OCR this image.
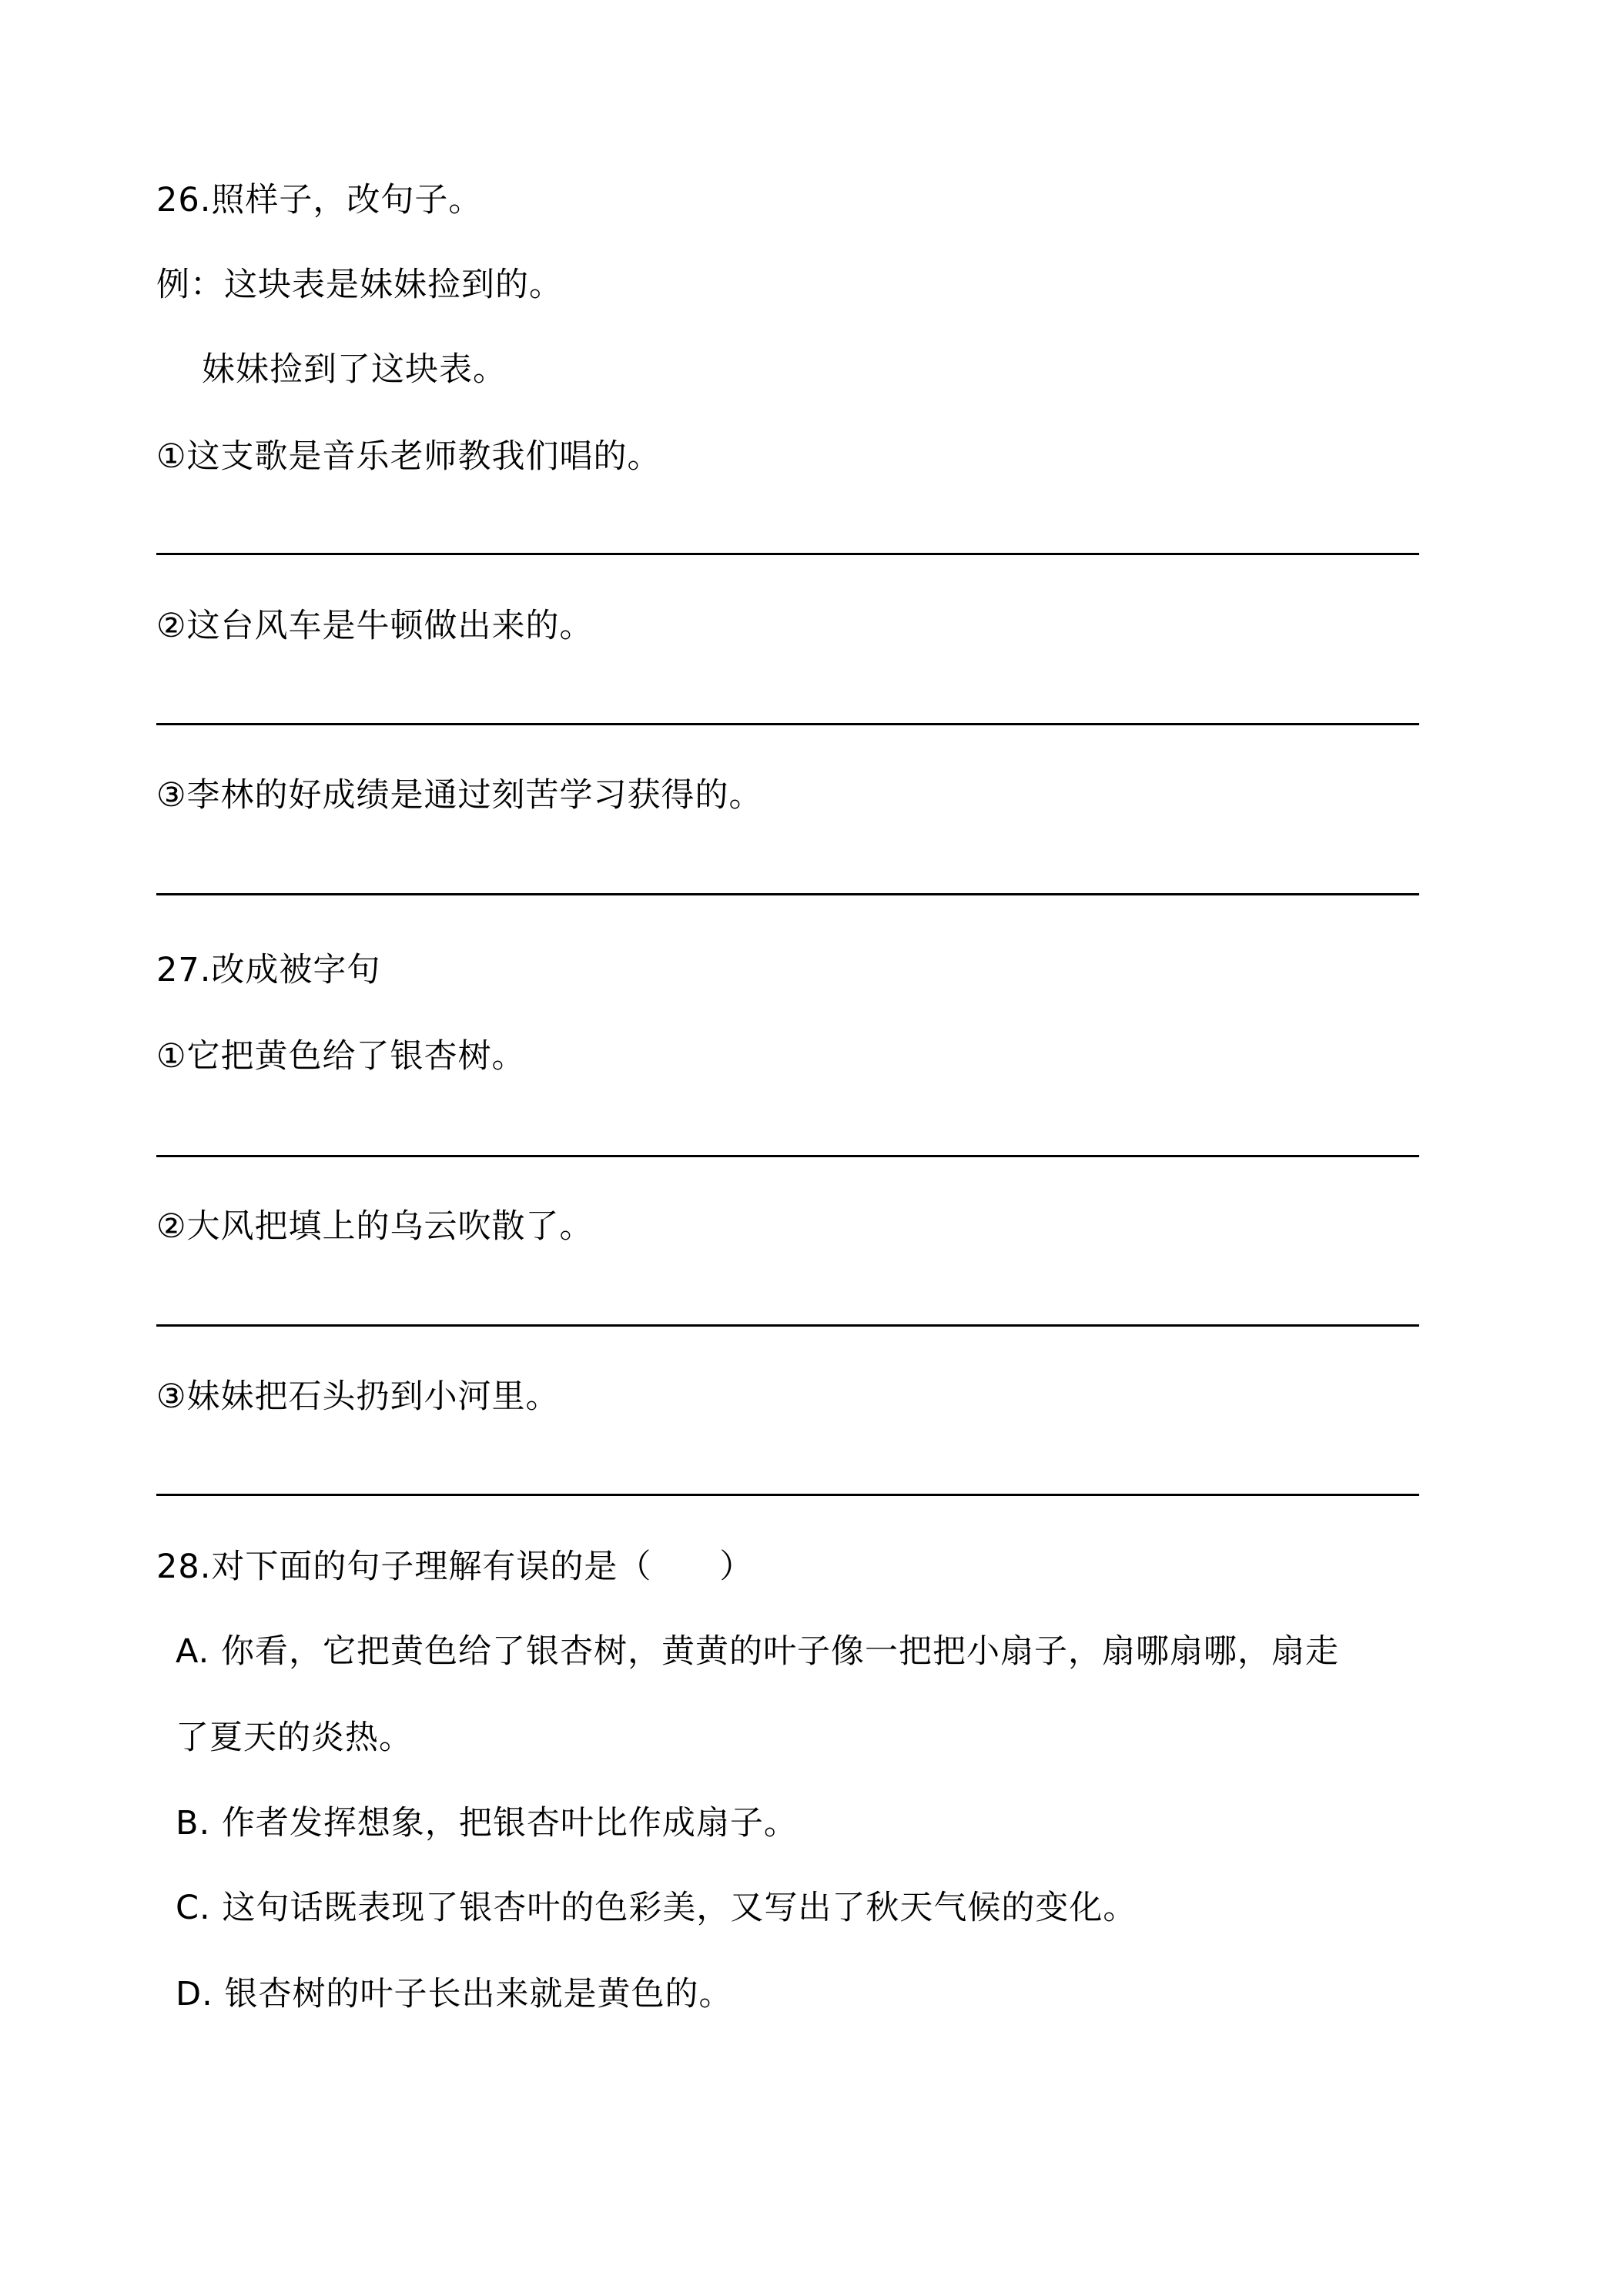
26.照样子，改句子。
例：这块表是妹妹捡到的。
妹妹捡到了这块表。
①这支歌是音乐老师教我们唱的。
②这台风车是牛顿做出来的。
③李林的好成绩是通过刻苦学习获得的。
27.改成被字句
①它把黄色给了银杏树。
②大风把填上的乌云吹散了。
③妹妹把石头扔到小河里。
28.对下面的句子理解有误的是（　　）
A. 你看，它把黄色给了银杏树，黄黄的叶子像一把把小扇子，扇哪扇哪，扇走
了夏天的炎热。
B. 作者发挥想象，把银杏叶比作成扇子。
C. 这句话既表现了银杏叶的色彩美，又写出了秋天气候的变化。
D. 银杏树的叶子长出来就是黄色的。
